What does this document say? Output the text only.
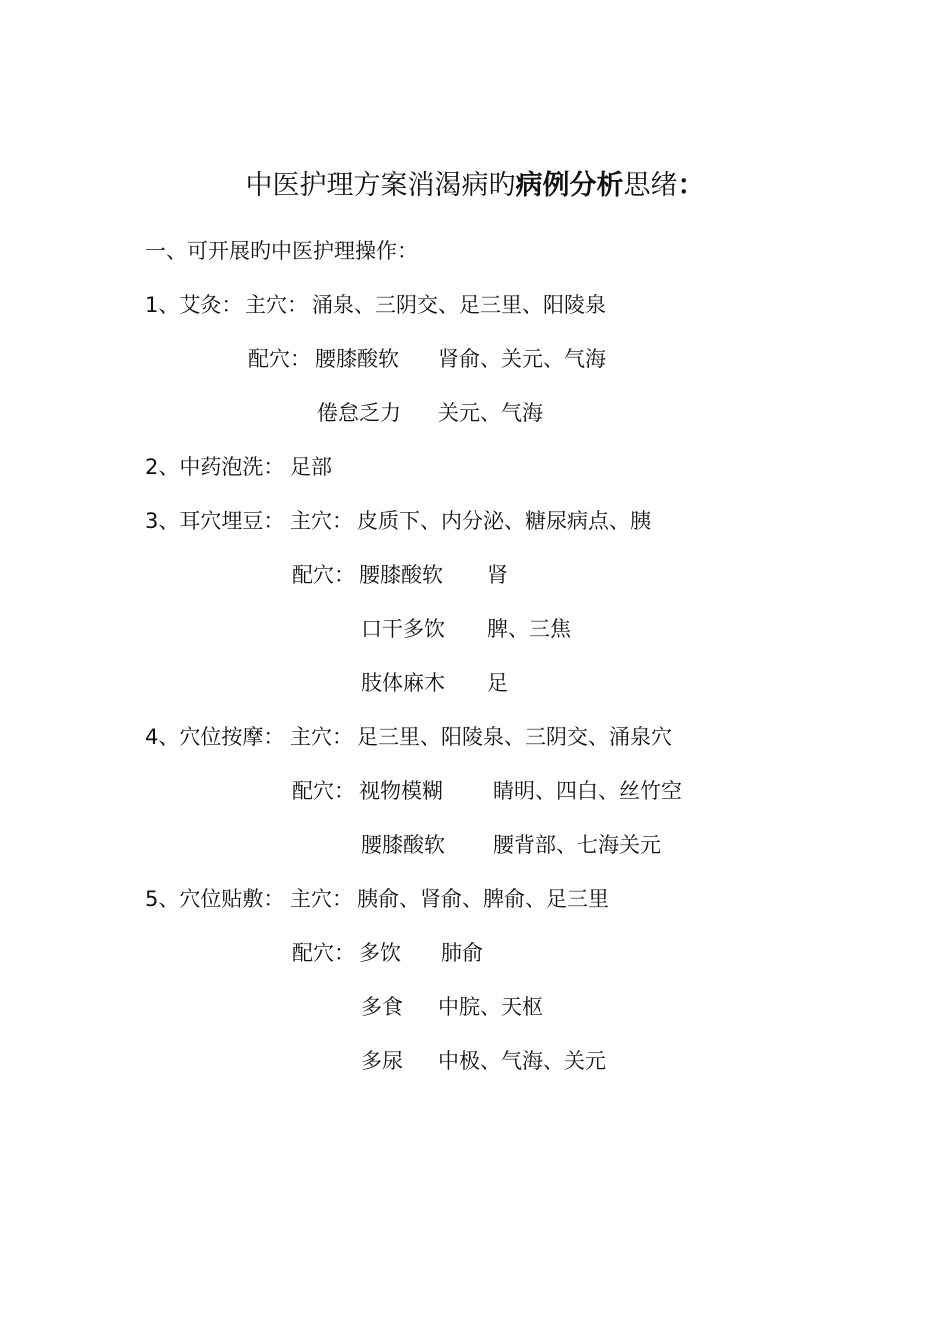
中医护理方案消渴病旳病例分析思绪：
一、可开展旳中医护理操作：
1、艾灸： 主穴： 涌泉、三阴交、足三里、阳陵泉
配穴： 腰膝酸软 肾俞、关元、气海
倦怠乏力 关元、气海
2、中药泡洗： 足部
3、耳穴埋豆： 主穴： 皮质下、内分泌、糖尿病点、胰
配穴： 腰膝酸软 肾
口干多饮 脾、三焦
肢体麻木 足
4、穴位按摩： 主穴： 足三里、阳陵泉、三阴交、涌泉穴
配穴： 视物模糊 睛明、四白、丝竹空
腰膝酸软 腰背部、七海关元
5、穴位贴敷： 主穴： 胰俞、肾俞、脾俞、足三里
配穴： 多饮 肺俞
多食 中脘、天枢
多尿 中极、气海、关元
